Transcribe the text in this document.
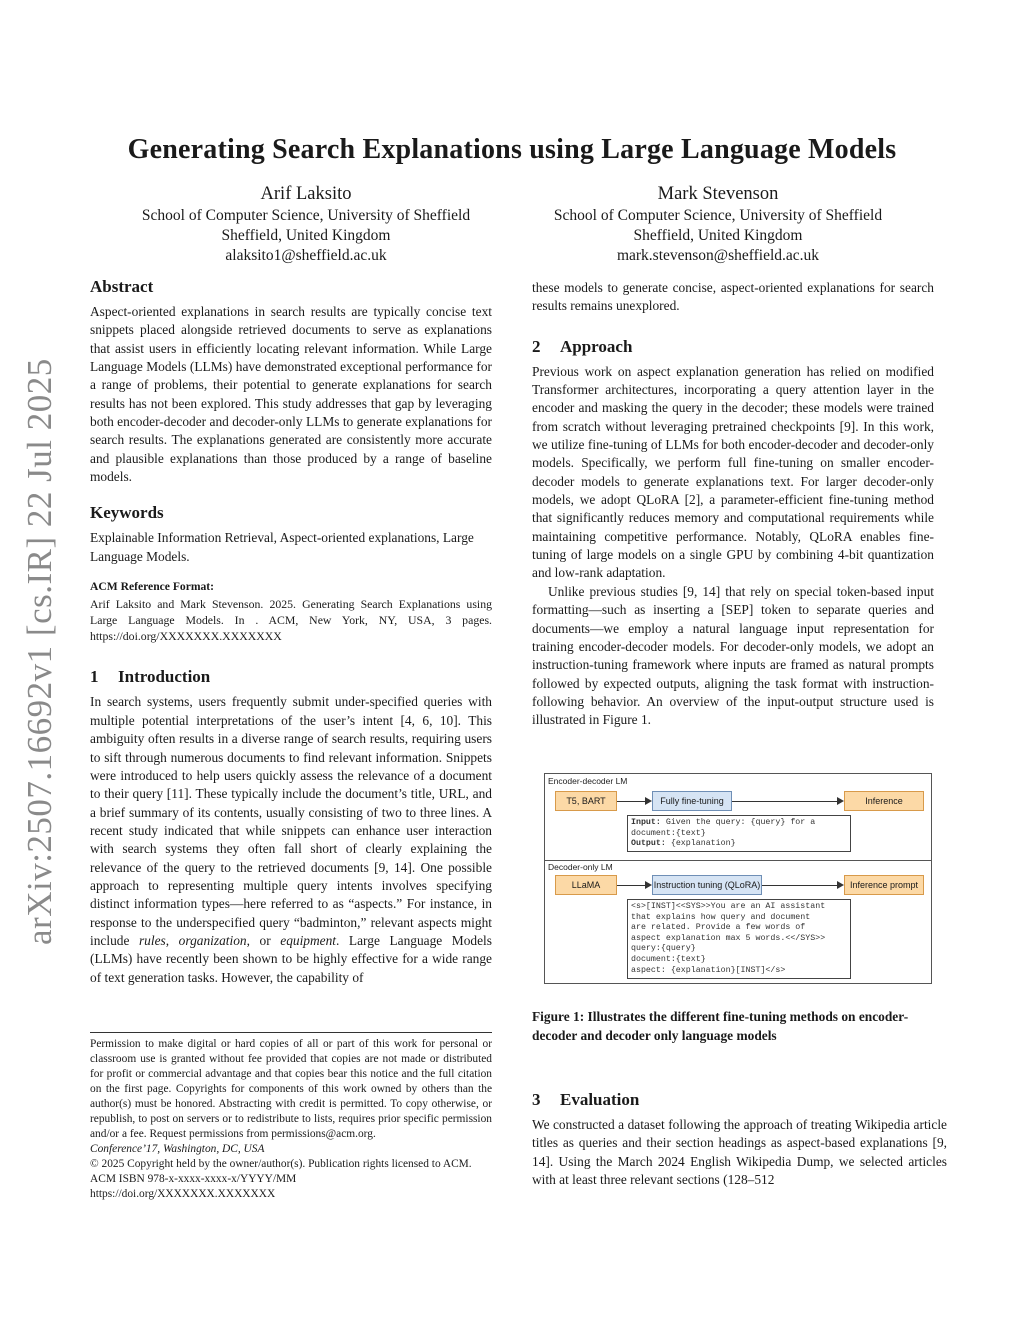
arXiv:2507.16692v1 [cs.IR] 22 Jul 2025
Generating Search Explanations using Large Language Models
Arif Laksito
School of Computer Science, University of Sheffield
Sheffield, United Kingdom
alaksito1@sheffield.ac.uk
Mark Stevenson
School of Computer Science, University of Sheffield
Sheffield, United Kingdom
mark.stevenson@sheffield.ac.uk
Abstract

Aspect-oriented explanations in search results are typically concise text snippets placed alongside retrieved documents to serve as explanations that assist users in efficiently locating relevant information. While Large Language Models (LLMs) have demonstrated exceptional performance for a range of problems, their potential to generate explanations for search results has not been explored. This study addresses that gap by leveraging both encoder-decoder and decoder-only LLMs to generate explanations for search results. The explanations generated are consistently more accurate and plausible explanations than those produced by a range of baseline models.

Keywords

Explainable Information Retrieval, Aspect-oriented explanations, Large Language Models.

ACM Reference Format:
Arif Laksito and Mark Stevenson. 2025. Generating Search Explanations using Large Language Models. In . ACM, New York, NY, USA, 3 pages. https://doi.org/XXXXXXX.XXXXXXX
1 Introduction

In search systems, users frequently submit under-specified queries with multiple potential interpretations of the user’s intent [4, 6, 10]. This ambiguity often results in a diverse range of search results, requiring users to sift through numerous documents to find relevant information. Snippets were introduced to help users quickly assess the relevance of a document to their query [11]. These typically include the document’s title, URL, and a brief summary of its contents, usually consisting of two to three lines. A recent study indicated that while snippets can enhance user interaction with search systems they often fall short of clearly explaining the relevance of the query to the retrieved documents [9, 14]. One possible approach to representing multiple query intents involves specifying distinct information types—here referred to as “aspects.” For instance, in response to the underspecified query “badminton,” relevant aspects might include rules, organization, or equipment. Large Language Models (LLMs) have recently been shown to be highly effective for a wide range of text generation tasks. However, the capability of

Permission to make digital or hard copies of all or part of this work for personal or classroom use is granted without fee provided that copies are not made or distributed for profit or commercial advantage and that copies bear this notice and the full citation on the first page. Copyrights for components of this work owned by others than the author(s) must be honored. Abstracting with credit is permitted. To copy otherwise, or republish, to post on servers or to redistribute to lists, requires prior specific permission and/or a fee. Request permissions from permissions@acm.org.
Conference’17, Washington, DC, USA
© 2025 Copyright held by the owner/author(s). Publication rights licensed to ACM.
ACM ISBN 978-x-xxxx-xxxx-x/YYYY/MM
https://doi.org/XXXXXXX.XXXXXXX

these models to generate concise, aspect-oriented explanations for search results remains unexplored.

2 Approach

Previous work on aspect explanation generation has relied on modified Transformer architectures, incorporating a query attention layer in the encoder and masking the query in the decoder; these models were trained from scratch without leveraging pretrained checkpoints [9]. In this work, we utilize fine-tuning of LLMs for both encoder-decoder and decoder-only models. Specifically, we perform full fine-tuning on smaller encoder-decoder models to generate explanations text. For larger decoder-only models, we adopt QLoRA [2], a parameter-efficient fine-tuning method that significantly reduces memory and computational requirements while maintaining competitive performance. Notably, QLoRA enables fine-tuning of large models on a single GPU by combining 4-bit quantization and low-rank adaptation.

Unlike previous studies [9, 14] that rely on special token-based input formatting—such as inserting a [SEP] token to separate queries and documents—we employ a natural language input representation for training encoder-decoder models. For decoder-only models, we adopt an instruction-tuning framework where inputs are framed as natural prompts followed by expected outputs, aligning the task format with instruction-following behavior. An overview of the input-output structure used is illustrated in Figure 1.

Encoder-decoder LM
T5, BART	Fully fine-tuning	Inference
Input: Given the query: {query} for a
document:{text}
Output: {explanation}
Decoder-only LM
LLaMA	Instruction tuning (QLoRA)	Inference prompt
<s>[INST]<<SYS>>You are an AI assistant
that explains how query and document
are related. Provide a few words of
aspect explanation max 5 words.<</SYS>>
query:{query}
document:{text}
aspect: {explanation}[INST]</s>
Figure 1: Illustrates the different fine-tuning methods on encoder-decoder and decoder only language models
3 Evaluation

We constructed a dataset following the approach of treating Wikipedia article titles as queries and their section headings as aspect-based explanations [9, 14]. Using the March 2024 English Wikipedia Dump, we selected articles with at least three relevant sections (128–512
